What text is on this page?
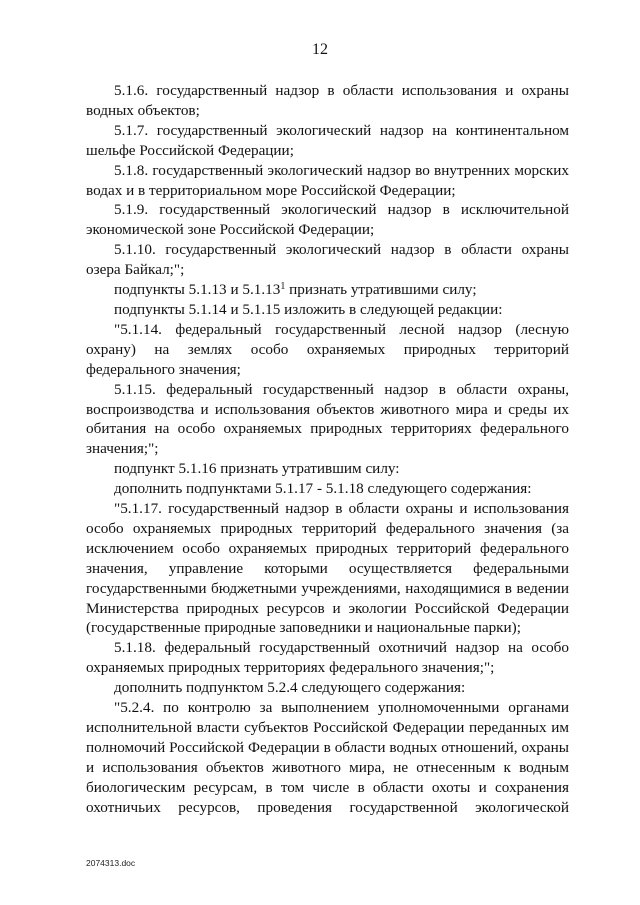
12

5.1.6. государственный надзор в области использования и охраны водных объектов;

5.1.7. государственный экологический надзор на континентальном шельфе Российской Федерации;

5.1.8. государственный экологический надзор во внутренних морских водах и в территориальном море Российской Федерации;

5.1.9. государственный экологический надзор в исключительной экономической зоне Российской Федерации;

5.1.10. государственный экологический надзор в области охраны озера Байкал;";

подпункты 5.1.13 и 5.1.13$^1$ признать утратившими силу;

подпункты 5.1.14 и 5.1.15 изложить в следующей редакции:

"5.1.14. федеральный государственный лесной надзор (лесную охрану) на землях особо охраняемых природных территорий федерального значения;

5.1.15. федеральный государственный надзор в области охраны, воспроизводства и использования объектов животного мира и среды их обитания на особо охраняемых природных территориях федерального значения;";

подпункт 5.1.16 признать утратившим силу:

дополнить подпунктами 5.1.17 - 5.1.18 следующего содержания:

"5.1.17. государственный надзор в области охраны и использования особо охраняемых природных территорий федерального значения (за исключением особо охраняемых природных территорий федерального значения, управление которыми осуществляется федеральными государственными бюджетными учреждениями, находящимися в ведении Министерства природных ресурсов и экологии Российской Федерации (государственные природные заповедники и национальные парки);

5.1.18. федеральный государственный охотничий надзор на особо охраняемых природных территориях федерального значения;";

дополнить подпунктом 5.2.4 следующего содержания:

"5.2.4. по контролю за выполнением уполномоченными органами исполнительной власти субъектов Российской Федерации переданных им полномочий Российской Федерации в области водных отношений, охраны и использования объектов животного мира, не отнесенным к водным биологическим ресурсам, в том числе в области охоты и сохранения охотничьих ресурсов, проведения государственной экологической

2074313.doc
